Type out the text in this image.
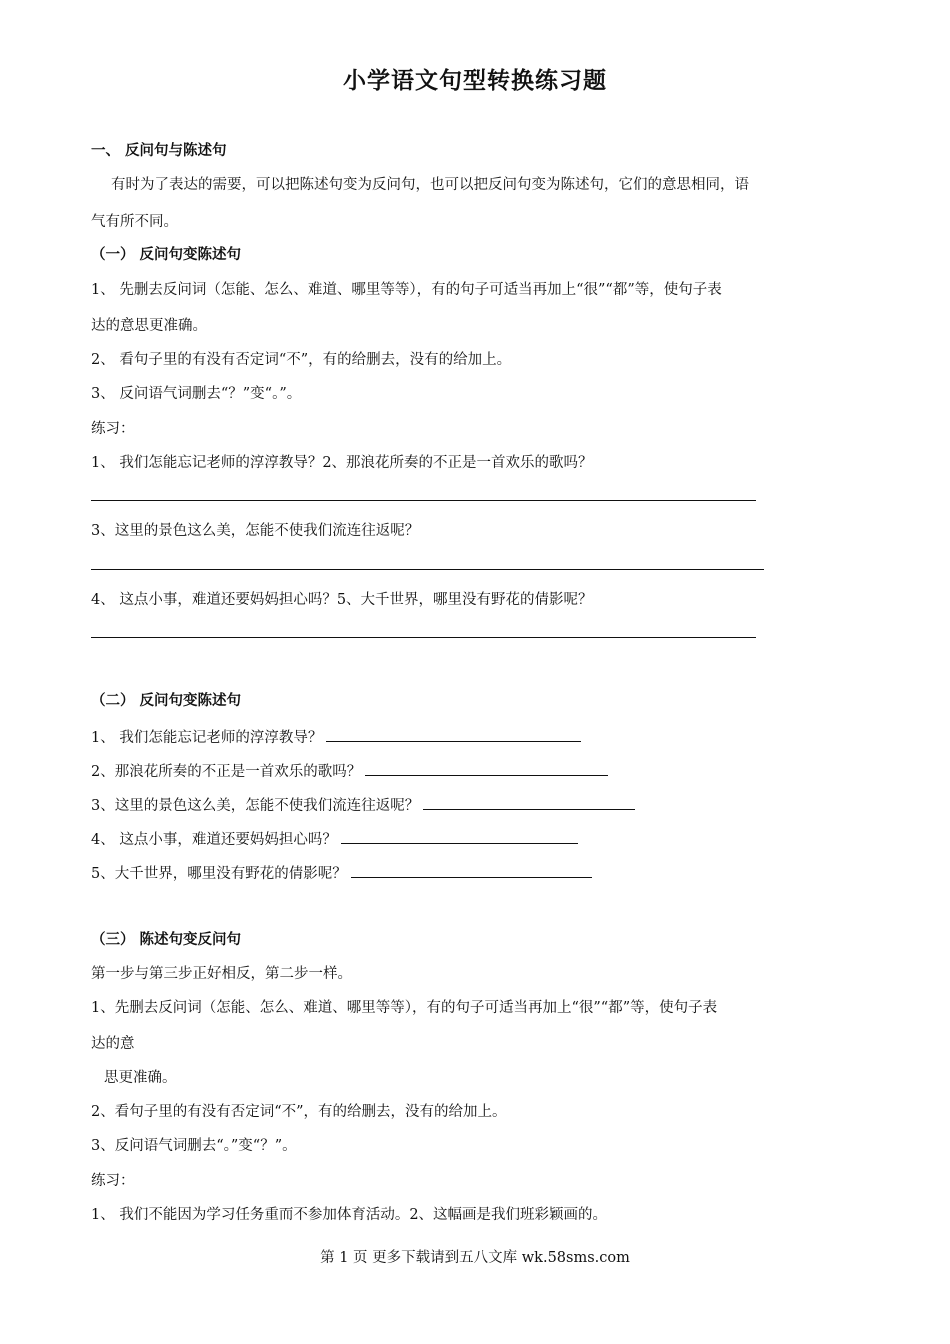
小学语文句型转换练习题
一、 反问句与陈述句
有时为了表达的需要，可以把陈述句变为反问句，也可以把反问句变为陈述句，它们的意思相同，语
气有所不同。
（一） 反问句变陈述句
1、 先删去反问词（怎能、怎么、难道、哪里等等），有的句子可适当再加上“很”“都”等，使句子表
达的意思更准确。
2、 看句子里的有没有否定词“不”，有的给删去，没有的给加上。
3、 反问语气词删去“？”变“。”。
练习：
1、 我们怎能忘记老师的淳淳教导？2、那浪花所奏的不正是一首欢乐的歌吗？
3、这里的景色这么美，怎能不使我们流连往返呢？
4、 这点小事，难道还要妈妈担心吗？5、大千世界，哪里没有野花的倩影呢？
（二） 反问句变陈述句
1、 我们怎能忘记老师的淳淳教导？
2、那浪花所奏的不正是一首欢乐的歌吗？
3、这里的景色这么美，怎能不使我们流连往返呢？
4、 这点小事，难道还要妈妈担心吗？
5、大千世界，哪里没有野花的倩影呢？
（三） 陈述句变反问句
第一步与第三步正好相反，第二步一样。
1、先删去反问词（怎能、怎么、难道、哪里等等），有的句子可适当再加上“很”“都”等，使句子表
达的意
思更准确。
2、看句子里的有没有否定词“不”，有的给删去，没有的给加上。
3、反问语气词删去“。”变“？”。
练习：
1、 我们不能因为学习任务重而不参加体育活动。2、这幅画是我们班彩颖画的。
第 1 页 更多下载请到五八文库 wk.58sms.com
